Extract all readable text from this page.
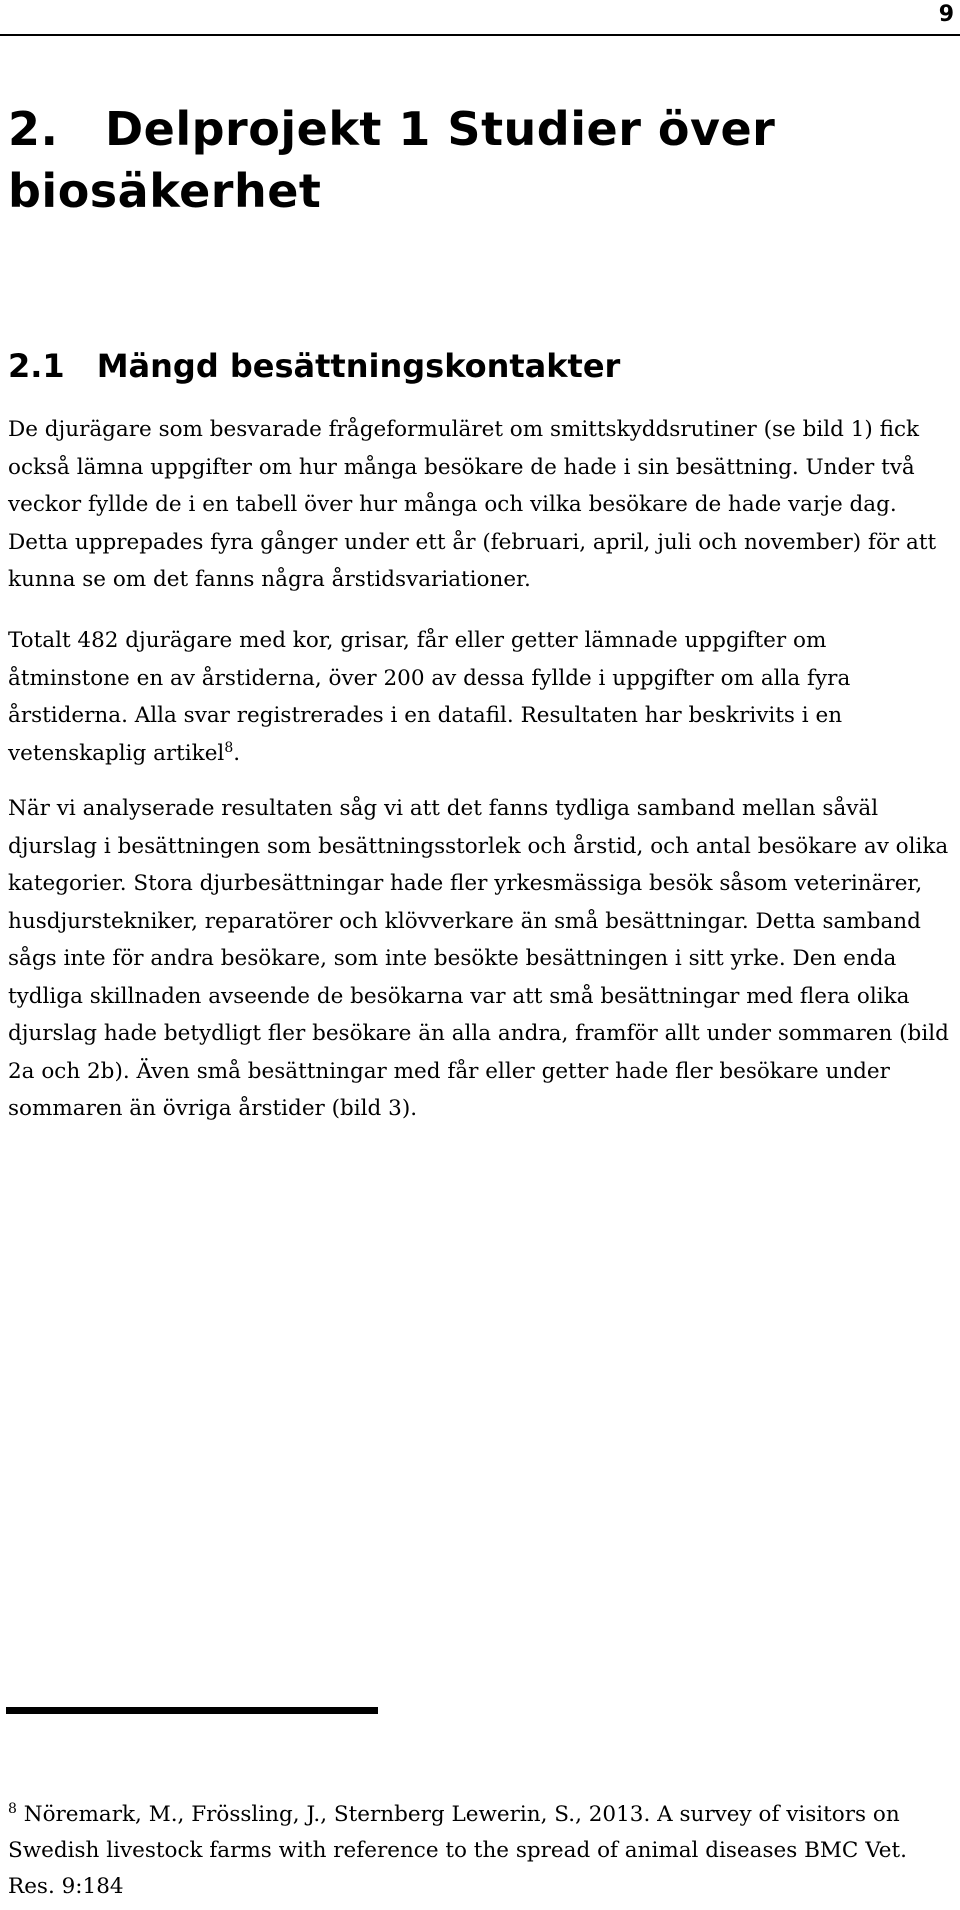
9
2.  Delprojekt 1 Studier över biosäkerhet
2.1  Mängd besättningskontakter

De djurägare som besvarade frågeformuläret om smittskyddsrutiner (se bild 1) fick också lämna uppgifter om hur många besökare de hade i sin besättning. Under två veckor fyllde de i en tabell över hur många och vilka besökare de hade varje dag. Detta upprepades fyra gånger under ett år (februari, april, juli och november) för att kunna se om det fanns några årstidsvariationer.

Totalt 482 djurägare med kor, grisar, får eller getter lämnade uppgifter om åtminstone en av årstiderna, över 200 av dessa fyllde i uppgifter om alla fyra årstiderna. Alla svar registrerades i en datafil. Resultaten har beskrivits i en vetenskaplig artikel$^8$.

När vi analyserade resultaten såg vi att det fanns tydliga samband mellan såväl djurslag i besättningen som besättningsstorlek och årstid, och antal besökare av olika kategorier. Stora djurbesättningar hade fler yrkesmässiga besök såsom veterinärer, husdjurstekniker, reparatörer och klövverkare än små besättningar. Detta samband sågs inte för andra besökare, som inte besökte besättningen i sitt yrke. Den enda tydliga skillnaden avseende de besökarna var att små besättningar med flera olika djurslag hade betydligt fler besökare än alla andra, framför allt under sommaren (bild 2a och 2b). Även små besättningar med får eller getter hade fler besökare under sommaren än övriga årstider (bild 3).

$^8$ Nöremark, M., Frössling, J., Sternberg Lewerin, S., 2013. A survey of visitors on Swedish livestock farms with reference to the spread of animal diseases BMC Vet. Res. 9:184
